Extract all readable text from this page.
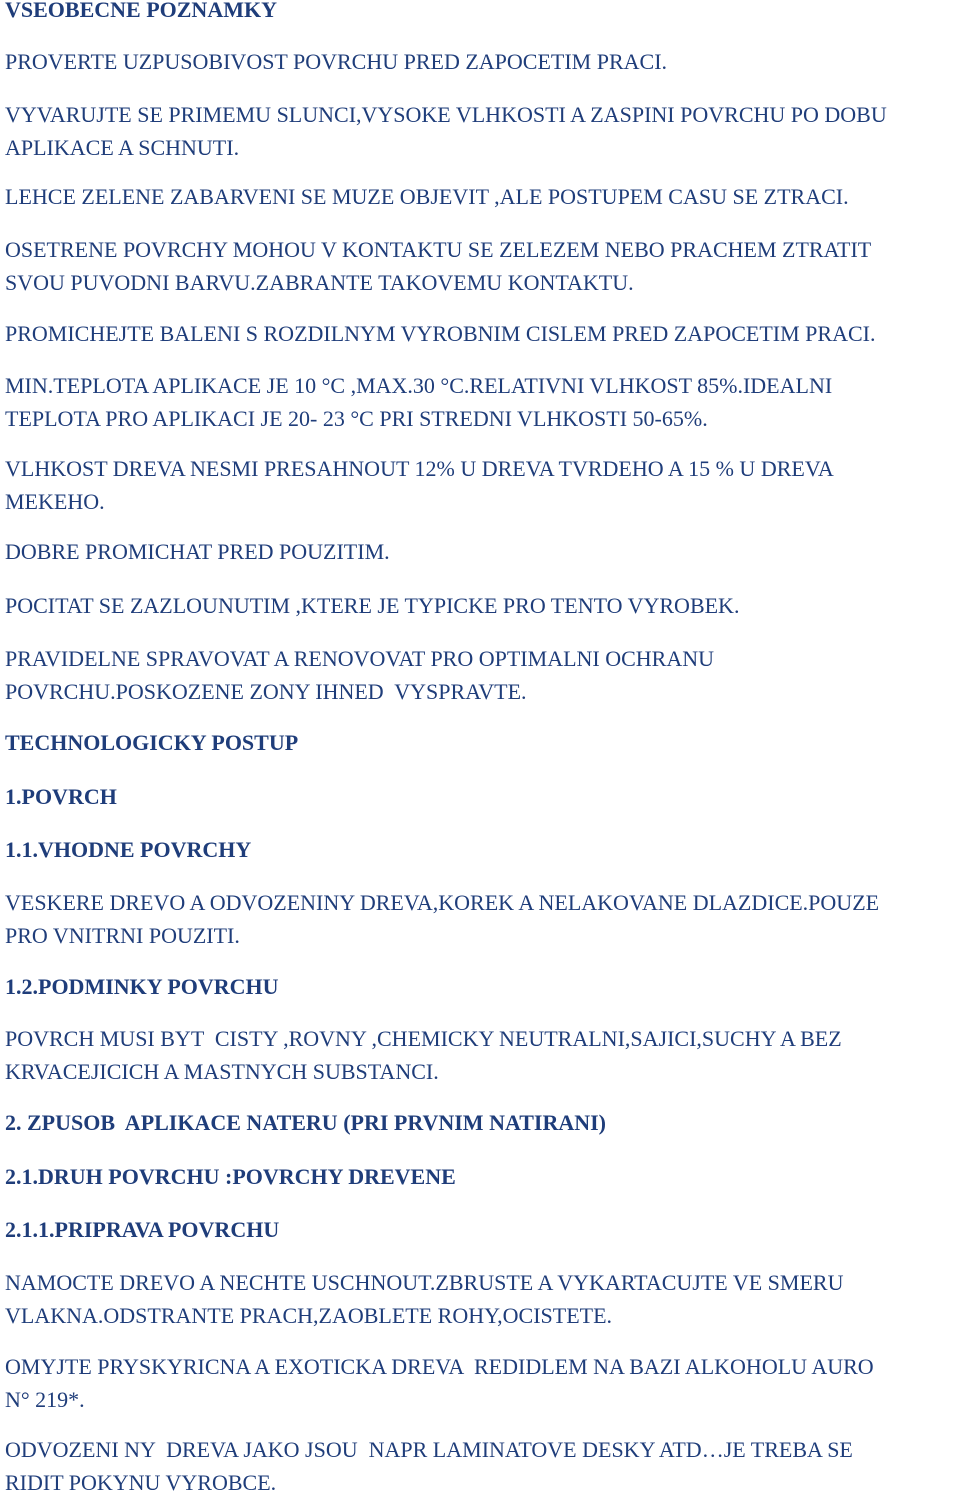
VSEOBECNE POZNAMKY
PROVERTE UZPUSOBIVOST POVRCHU PRED ZAPOCETIM PRACI.
VYVARUJTE SE PRIMEMU SLUNCI,VYSOKE VLHKOSTI A ZASPINI POVRCHU PO DOBU
APLIKACE A SCHNUTI.
LEHCE ZELENE ZABARVENI SE MUZE OBJEVIT ,ALE POSTUPEM CASU SE ZTRACI.
OSETRENE POVRCHY MOHOU V KONTAKTU SE ZELEZEM NEBO PRACHEM ZTRATIT
SVOU PUVODNI BARVU.ZABRANTE TAKOVEMU KONTAKTU.
PROMICHEJTE BALENI S ROZDILNYM VYROBNIM CISLEM PRED ZAPOCETIM PRACI.
MIN.TEPLOTA APLIKACE JE 10 °C ,MAX.30 °C.RELATIVNI VLHKOST 85%.IDEALNI
TEPLOTA PRO APLIKACI JE 20- 23 °C PRI STREDNI VLHKOSTI 50-65%.
VLHKOST DREVA NESMI PRESAHNOUT 12% U DREVA TVRDEHO A 15 % U DREVA
MEKEHO.
DOBRE PROMICHAT PRED POUZITIM.
POCITAT SE ZAZLOUNUTIM ,KTERE JE TYPICKE PRO TENTO VYROBEK.
PRAVIDELNE SPRAVOVAT A RENOVOVAT PRO OPTIMALNI OCHRANU
POVRCHU.POSKOZENE ZONY IHNED  VYSPRAVTE.
TECHNOLOGICKY POSTUP
1.POVRCH
1.1.VHODNE POVRCHY
VESKERE DREVO A ODVOZENINY DREVA,KOREK A NELAKOVANE DLAZDICE.POUZE
PRO VNITRNI POUZITI.
1.2.PODMINKY POVRCHU
POVRCH MUSI BYT  CISTY ,ROVNY ,CHEMICKY NEUTRALNI,SAJICI,SUCHY A BEZ
KRVACEJICICH A MASTNYCH SUBSTANCI.
2. ZPUSOB  APLIKACE NATERU (PRI PRVNIM NATIRANI)
2.1.DRUH POVRCHU :POVRCHY DREVENE
2.1.1.PRIPRAVA POVRCHU
NAMOCTE DREVO A NECHTE USCHNOUT.ZBRUSTE A VYKARTACUJTE VE SMERU
VLAKNA.ODSTRANTE PRACH,ZAOBLETE ROHY,OCISTETE.
OMYJTE PRYSKYRICNA A EXOTICKA DREVA  REDIDLEM NA BAZI ALKOHOLU AURO
N° 219*.
ODVOZENI NY  DREVA JAKO JSOU  NAPR LAMINATOVE DESKY ATD…JE TREBA SE
RIDIT POKYNU VYROBCE.
